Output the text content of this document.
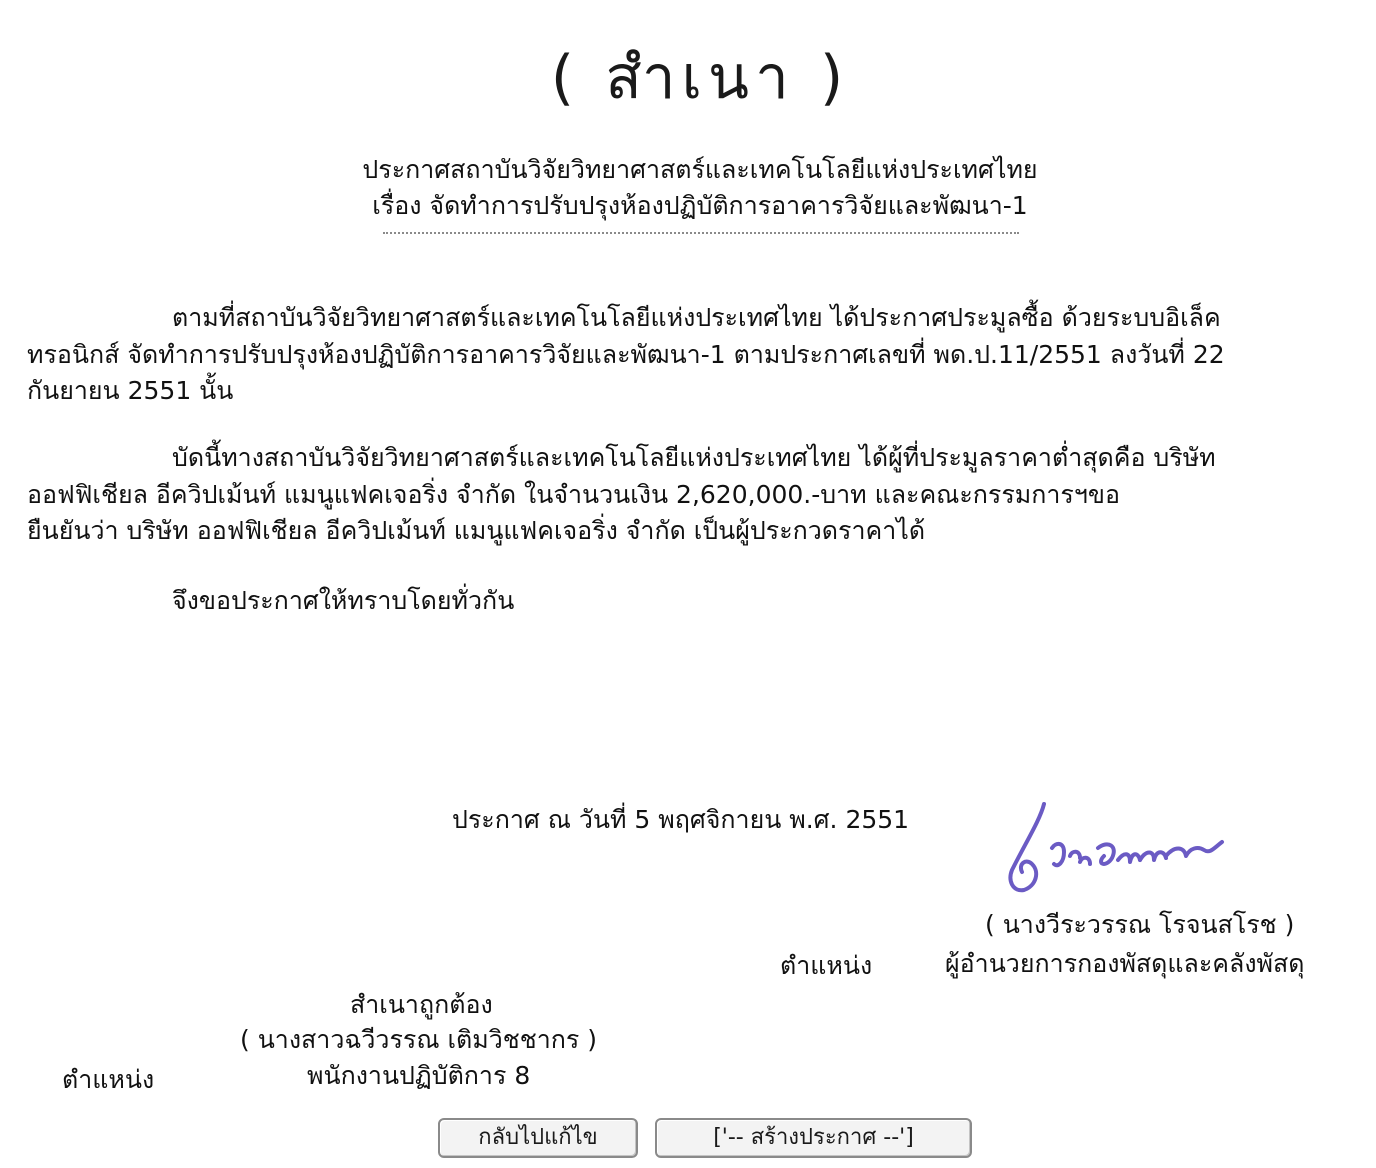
( สำเนา )
ประกาศสถาบันวิจัยวิทยาศาสตร์และเทคโนโลยีแห่งประเทศไทย
เรื่อง จัดทำการปรับปรุงห้องปฏิบัติการอาคารวิจัยและพัฒนา-1
ตามที่สถาบันวิจัยวิทยาศาสตร์และเทคโนโลยีแห่งประเทศไทย ได้ประกาศประมูลซื้อ ด้วยระบบอิเล็ค
ทรอนิกส์ จัดทำการปรับปรุงห้องปฏิบัติการอาคารวิจัยและพัฒนา-1 ตามประกาศเลขที่ พด.ป.11/2551 ลงวันที่ 22
กันยายน 2551 นั้น
บัดนี้ทางสถาบันวิจัยวิทยาศาสตร์และเทคโนโลยีแห่งประเทศไทย ได้ผู้ที่ประมูลราคาต่ำสุดคือ บริษัท
ออฟฟิเชียล อีควิปเม้นท์ แมนูแฟคเจอริ่ง จำกัด ในจำนวนเงิน 2,620,000.-บาท และคณะกรรมการฯขอ
ยืนยันว่า บริษัท ออฟฟิเชียล อีควิปเม้นท์ แมนูแฟคเจอริ่ง จำกัด เป็นผู้ประกวดราคาได้
จึงขอประกาศให้ทราบโดยทั่วกัน
ประกาศ ณ วันที่ 5 พฤศจิกายน พ.ศ. 2551
( นางวีระวรรณ โรจนสโรช )
ตำแหน่ง	ผู้อำนวยการกองพัสดุและคลังพัสดุ
สำเนาถูกต้อง
( นางสาวฉวีวรรณ เติมวิชชากร )
ตำแหน่ง	พนักงานปฏิบัติการ 8
กลับไปแก้ไข	['-- สร้างประกาศ --']
